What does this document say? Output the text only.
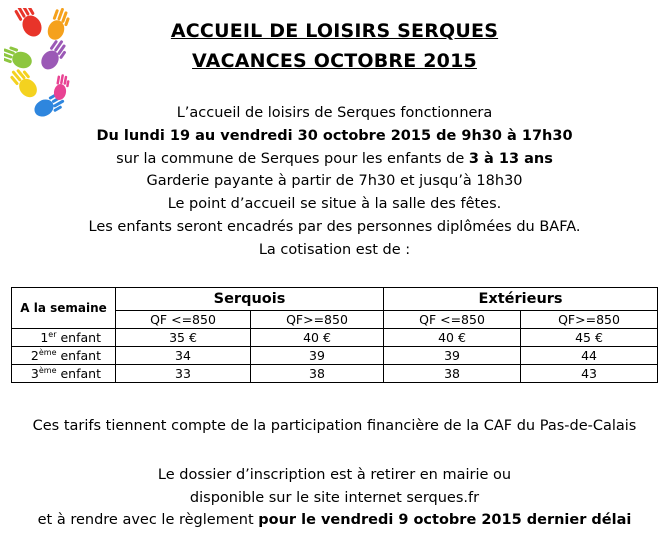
ACCUEIL DE LOISIRS SERQUES
VACANCES OCTOBRE 2015
L’accueil de loisirs de Serques fonctionnera
Du lundi 19 au vendredi 30 octobre 2015 de 9h30 à 17h30
sur la commune de Serques pour les enfants de 3 à 13 ans
Garderie payante à partir de 7h30 et jusqu’à 18h30
Le point d’accueil se situe à la salle des fêtes.
Les enfants seront encadrés par des personnes diplômées du BAFA.
La cotisation est de :
A la semaine	Serquois		Extérieurs	
	QF <=850	QF>=850	QF <=850	QF>=850
1er enfant	35 €	40 €	40 €	45 €
2ème enfant	34	39	39	44
3ème enfant	33	38	38	43
Ces tarifs tiennent compte de la participation financière de la CAF du Pas-de-Calais
Le dossier d’inscription est à retirer en mairie ou
disponible sur le site internet serques.fr
et à rendre avec le règlement pour le vendredi 9 octobre 2015 dernier délai
